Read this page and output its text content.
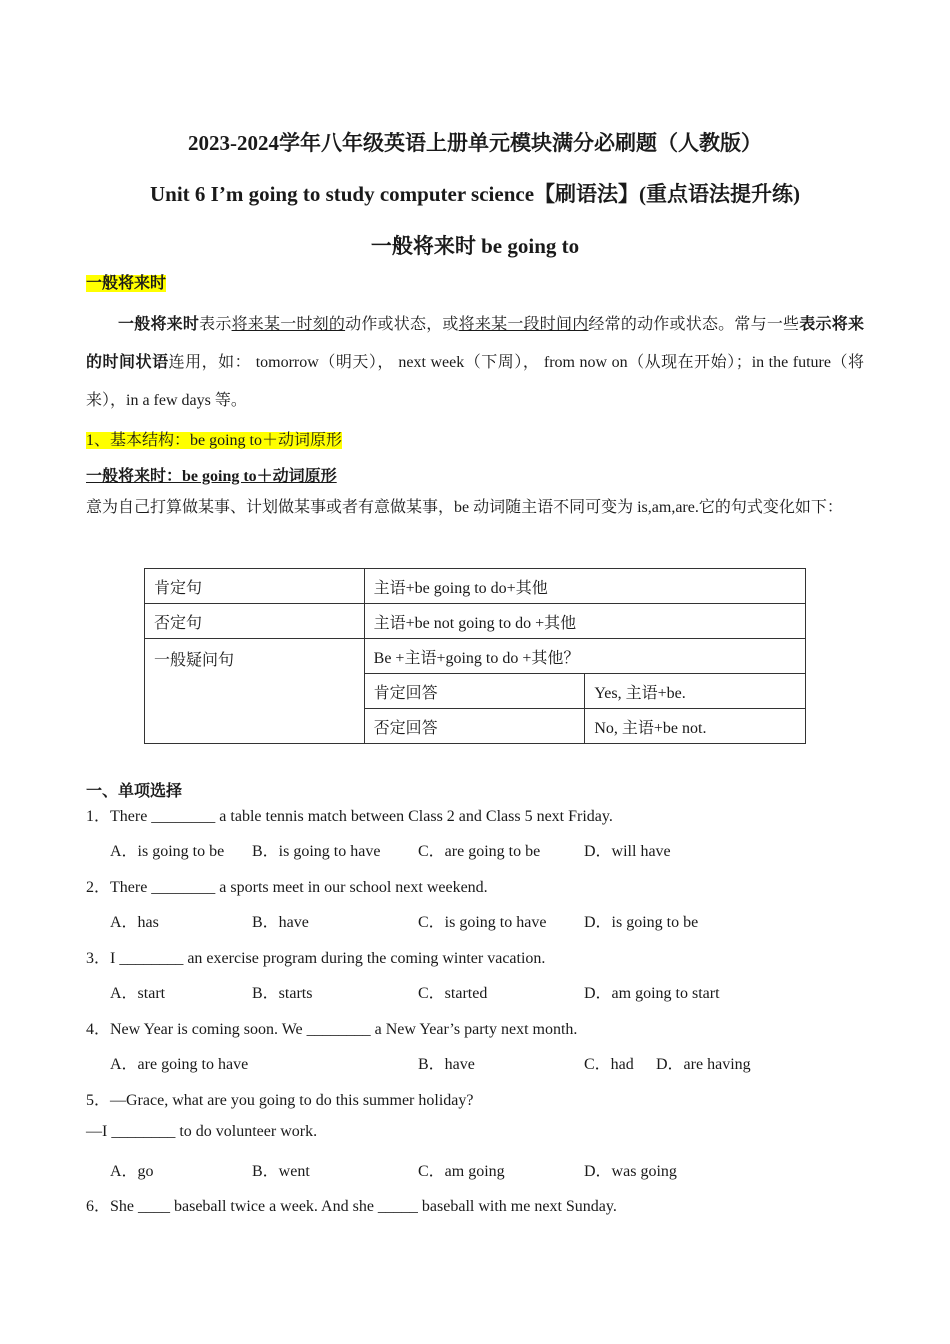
2023-2024学年八年级英语上册单元模块满分必刷题（人教版）
Unit 6 I’m going to study computer science【刷语法】(重点语法提升练)
一般将来时 be going to
一般将来时
一般将来时表示将来某一时刻的动作或状态，或将来某一段时间内经常的动作或状态。常与一些表示将来的时间状语连用，如： tomorrow（明天）， next week（下周）， from now on（从现在开始）；in the future（将来），in a few days 等。
1、基本结构：be going to＋动词原形
一般将来时：be going to＋动词原形
意为自己打算做某事、计划做某事或者有意做某事，be 动词随主语不同可变为 is,am,are.它的句式变化如下：
肯定句	主语+be going to do+其他	
否定句	主语+be not going to do +其他	
一般疑问句	Be +主语+going to do +其他？	
	肯定回答	Yes, 主语+be.
	否定回答	No, 主语+be not.
一、单项选择
1．There ________ a table tennis match between Class 2 and Class 5 next Friday.
A．is going to be B．is going to have C．are going to be	D．will have
2．There ________ a sports meet in our school next weekend.
A．has	B．have	C．is going to have D．is going to be
3．I ________ an exercise program during the coming winter vacation.
A．start	B．starts	C．started	D．am going to start
4．New Year is coming soon. We ________ a New Year’s party next month.
A．are going to have	B．have	C．had D．are having
5．—Grace, what are you going to do this summer holiday?
—I ________ to do volunteer work.
A．go	B．went	C．am going	D．was going
6．She ____ baseball twice a week. And she _____ baseball with me next Sunday.
